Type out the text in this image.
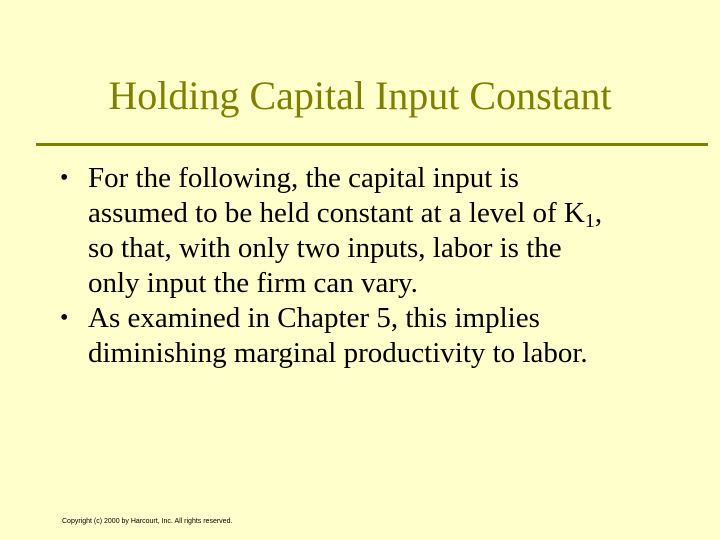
Holding Capital Input Constant
• For the following, the capital input is
assumed to be held constant at a level of $K_1$,
so that, with only two inputs, labor is the
only input the firm can vary.
• As examined in Chapter 5, this implies
diminishing marginal productivity to labor.
Copyright (c) 2000 by Harcourt, Inc. All rights reserved.
